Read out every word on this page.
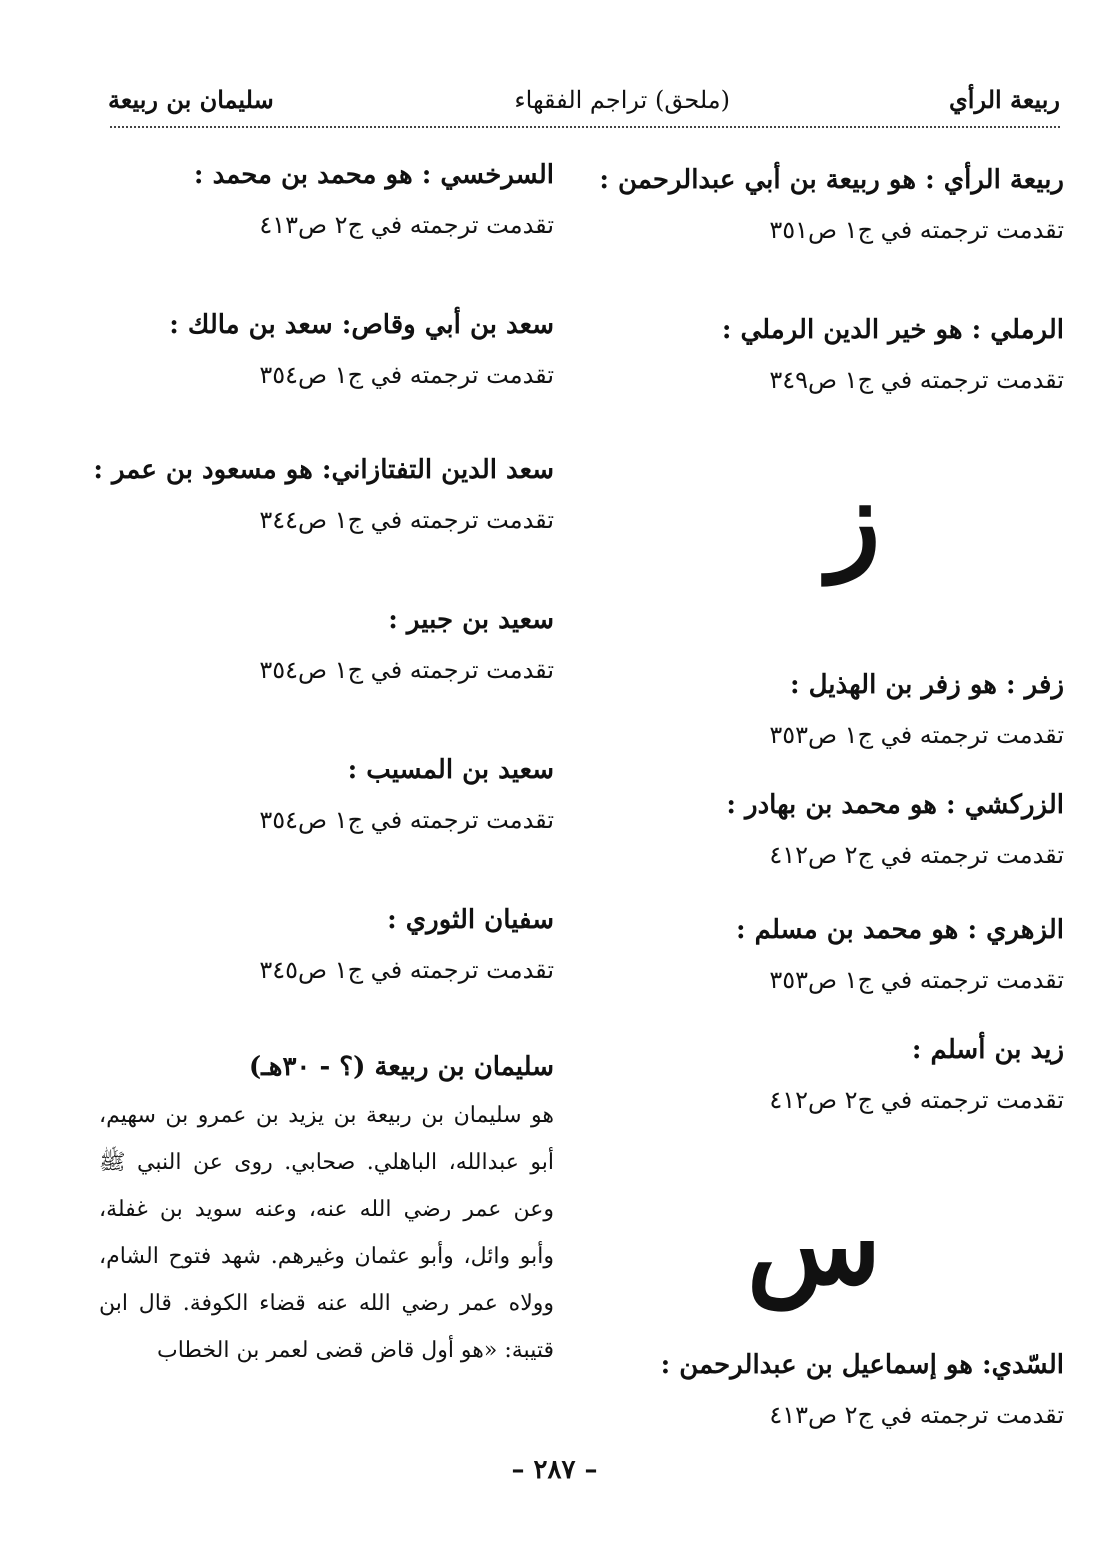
ربيعة الرأي
(ملحق) تراجم الفقهاء
سليمان بن ربيعة
ربيعة الرأي : هو ربيعة بن أبي عبدالرحمن :
تقدمت ترجمته في ج١ ص٣٥١
الرملي : هو خير الدين الرملي :
تقدمت ترجمته في ج١ ص٣٤٩
ز
زفر : هو زفر بن الهذيل :
تقدمت ترجمته في ج١ ص٣٥٣
الزركشي : هو محمد بن بهادر :
تقدمت ترجمته في ج٢ ص٤١٢
الزهري : هو محمد بن مسلم :
تقدمت ترجمته في ج١ ص٣٥٣
زيد بن أسلم :
تقدمت ترجمته في ج٢ ص٤١٢
س
السّدي: هو إسماعيل بن عبدالرحمن :
تقدمت ترجمته في ج٢ ص٤١٣
السرخسي : هو محمد بن محمد :
تقدمت ترجمته في ج٢ ص٤١٣
سعد بن أبي وقاص: سعد بن مالك :
تقدمت ترجمته في ج١ ص٣٥٤
سعد الدين التفتازاني: هو مسعود بن عمر :
تقدمت ترجمته في ج١ ص٣٤٤
سعيد بن جبير :
تقدمت ترجمته في ج١ ص٣٥٤
سعيد بن المسيب :
تقدمت ترجمته في ج١ ص٣٥٤
سفيان الثوري :
تقدمت ترجمته في ج١ ص٣٤٥
سليمان بن ربيعة (؟ - ٣٠هـ)

هو سليمان بن ربيعة بن يزيد بن عمرو بن سهيم، أبو عبدالله، الباهلي. صحابي. روى عن النبي ﷺ وعن عمر رضي الله عنه، وعنه سويد بن غفلة، وأبو وائل، وأبو عثمان وغيرهم. شهد فتوح الشام، وولاه عمر رضي الله عنه قضاء الكوفة. قال ابن قتيبة: «هو أول قاض قضى لعمر بن الخطاب

– ٢٨٧ –
